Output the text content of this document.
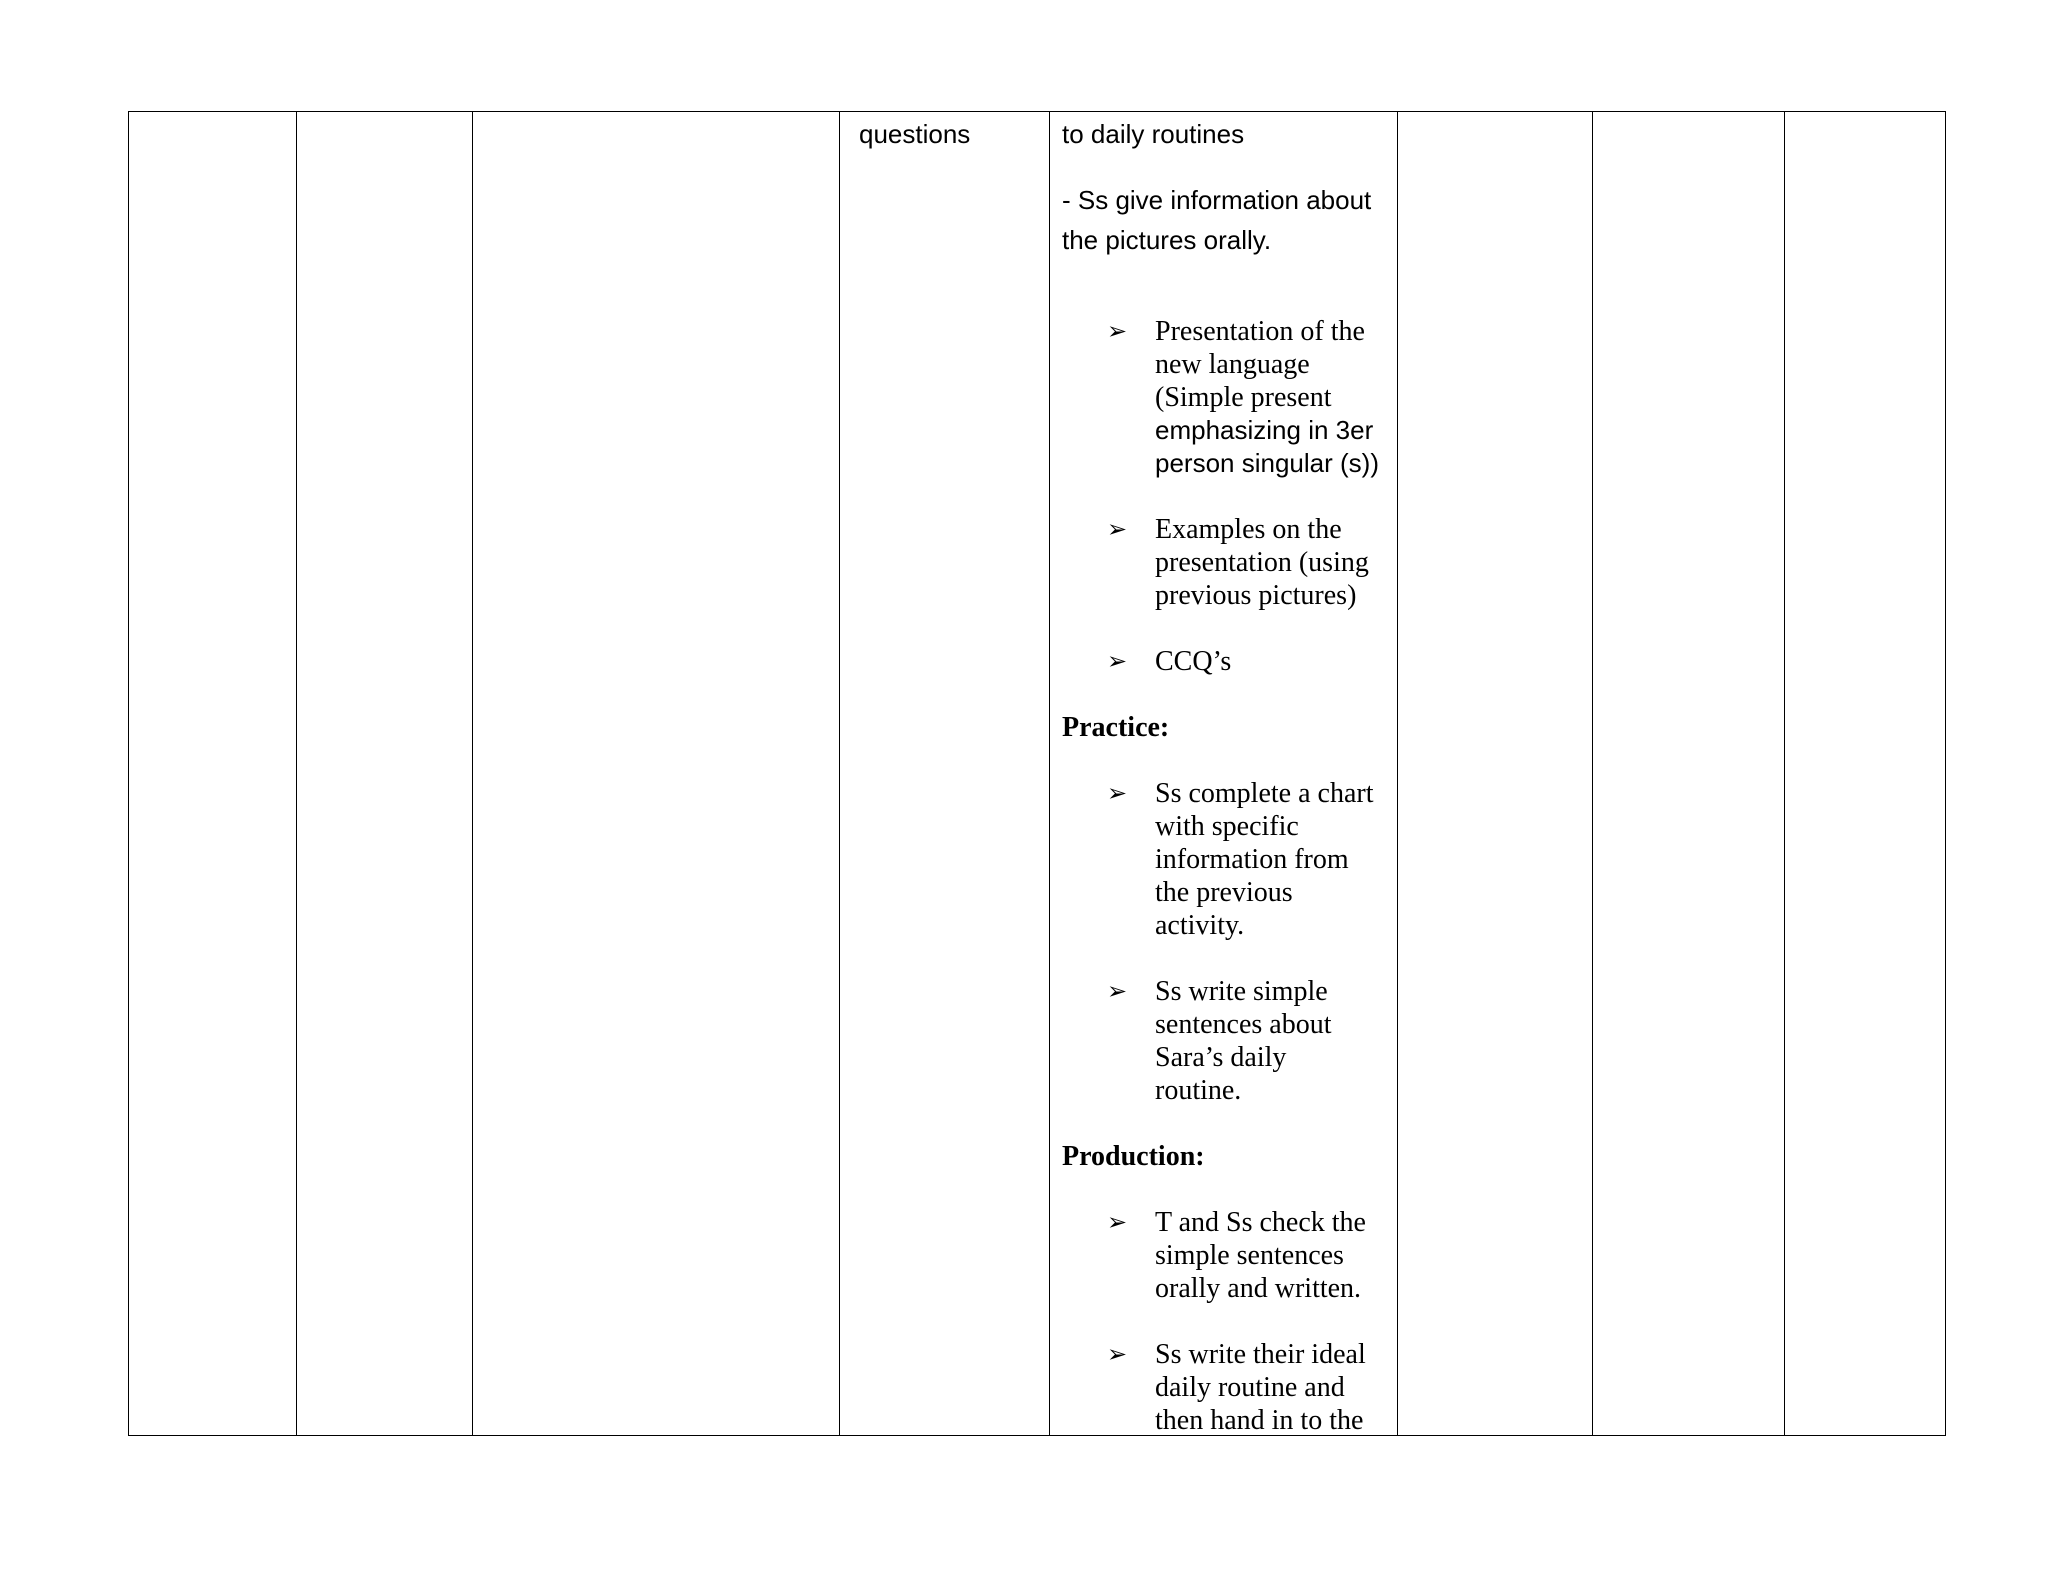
questions	to daily routines
- Ss give information about
the pictures orally.
➢ Presentation of the
new language
(Simple present
emphasizing in 3er
person singular (s))
➢ Examples on the
presentation (using
previous pictures)
➢ CCQ’s
Practice:
➢ Ss complete a chart
with specific
information from
the previous
activity.
➢ Ss write simple
sentences about
Sara’s daily
routine.
Production:
➢ T and Ss check the
simple sentences
orally and written.
➢ Ss write their ideal
daily routine and
then hand in to the
